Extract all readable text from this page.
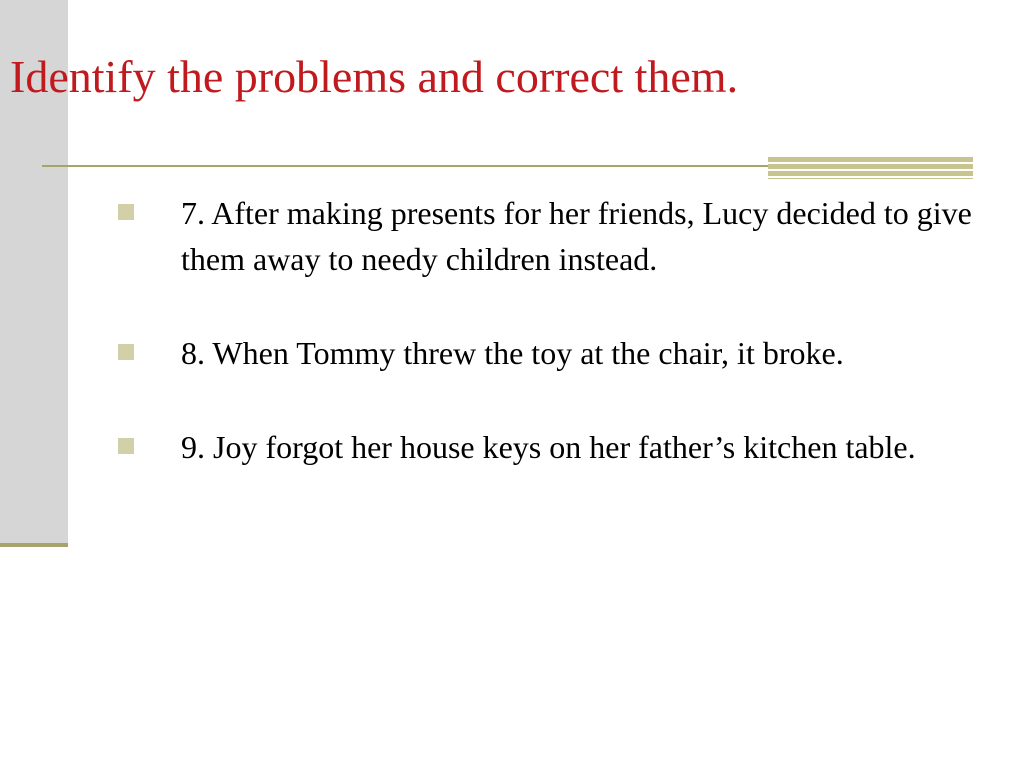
Identify the problems and correct them.
7. After making presents for her friends, Lucy decided to give them away to needy children instead.
8. When Tommy threw the toy at the chair, it broke.
9. Joy forgot her house keys on her father’s kitchen table.
